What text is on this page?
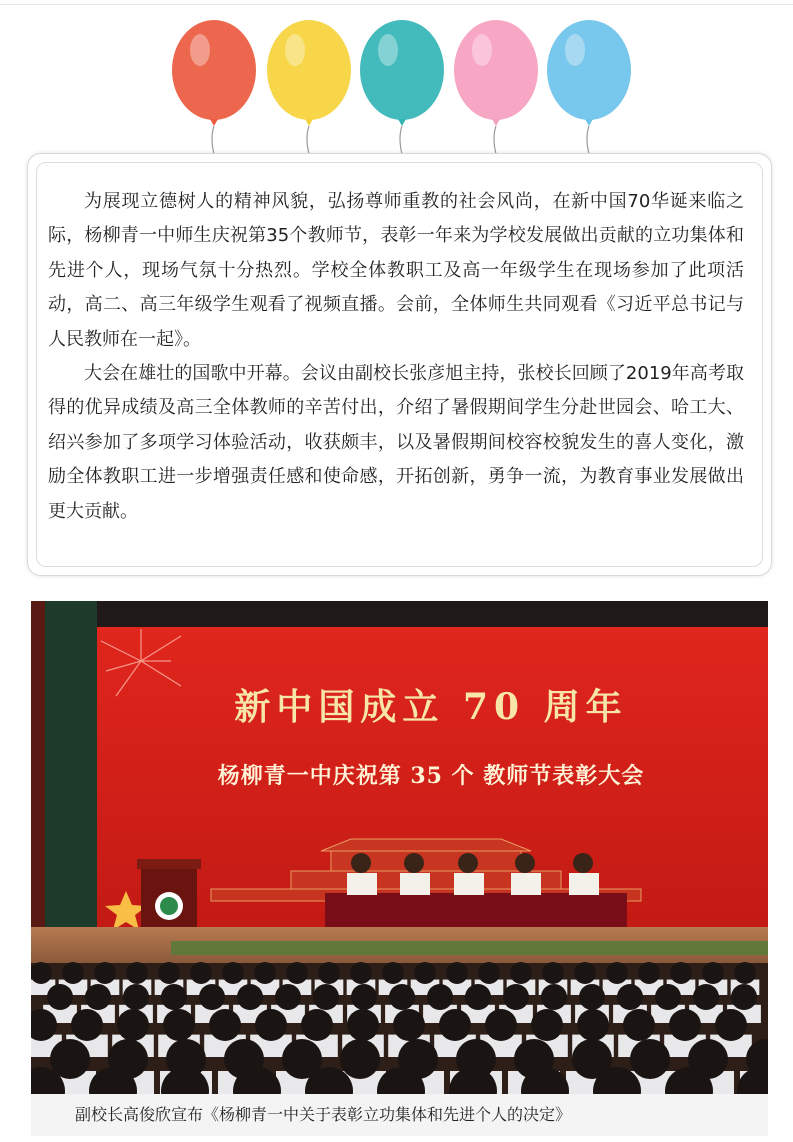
为展现立德树人的精神风貌，弘扬尊师重教的社会风尚，在新中国70华诞来临之际，杨柳青一中师生庆祝第35个教师节，表彰一年来为学校发展做出贡献的立功集体和先进个人，现场气氛十分热烈。学校全体教职工及高一年级学生在现场参加了此项活动，高二、高三年级学生观看了视频直播。会前，全体师生共同观看《习近平总书记与人民教师在一起》。

大会在雄壮的国歌中开幕。会议由副校长张彦旭主持，张校长回顾了2019年高考取得的优异成绩及高三全体教师的辛苦付出，介绍了暑假期间学生分赴世园会、哈工大、绍兴参加了多项学习体验活动，收获颇丰，以及暑假期间校容校貌发生的喜人变化，激励全体教职工进一步增强责任感和使命感，开拓创新，勇争一流，为教育事业发展做出更大贡献。

新中国成立 70 周年
杨柳青一中庆祝第 35 个 教师节表彰大会
副校长高俊欣宣布《杨柳青一中关于表彰立功集体和先进个人的决定》
